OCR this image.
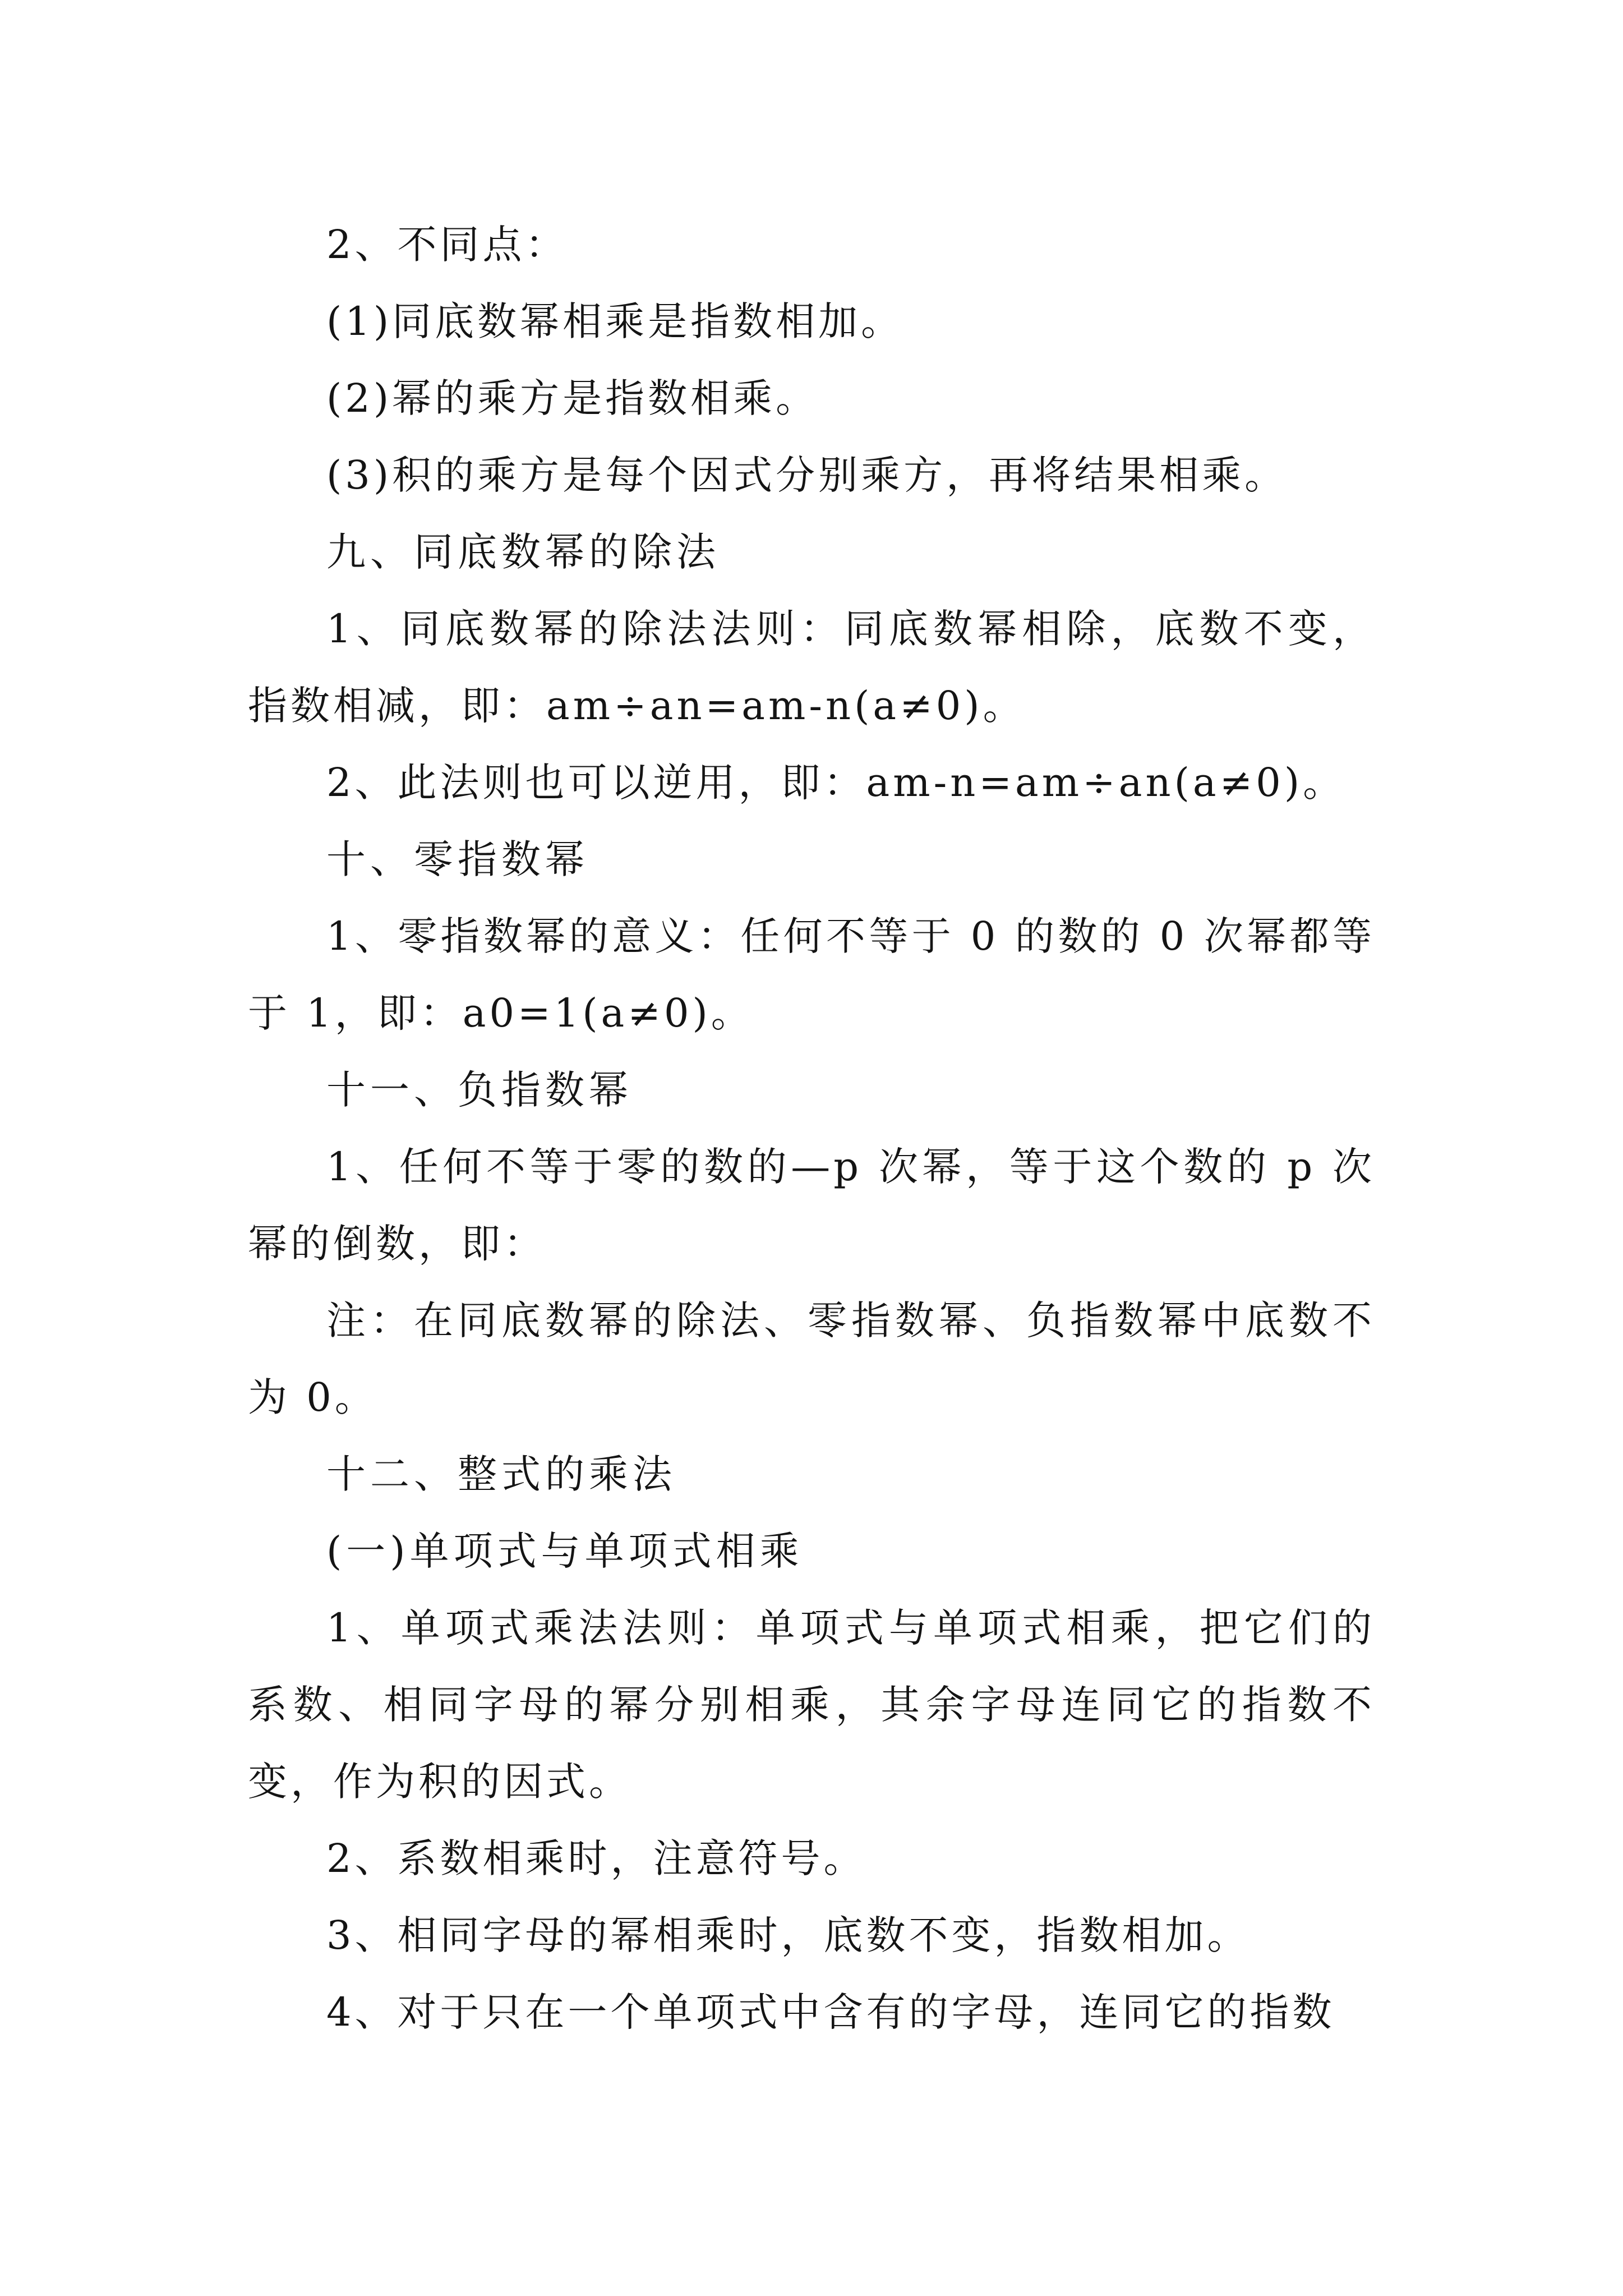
2、不同点：

(1)同底数幂相乘是指数相加。

(2)幂的乘方是指数相乘。

(3)积的乘方是每个因式分别乘方，再将结果相乘。

九、同底数幂的除法

1、同底数幂的除法法则：同底数幂相除，底数不变，指数相减，即：am÷an=am-n(a≠0)。

2、此法则也可以逆用，即：am-n=am÷an(a≠0)。

十、零指数幂

1、零指数幂的意义：任何不等于 0 的数的 0 次幂都等于 1，即：a0=1(a≠0)。

十一、负指数幂

1、任何不等于零的数的—p 次幂，等于这个数的 p 次幂的倒数，即：

注：在同底数幂的除法、零指数幂、负指数幂中底数不为 0。

十二、整式的乘法

(一)单项式与单项式相乘

1、单项式乘法法则：单项式与单项式相乘，把它们的系数、相同字母的幂分别相乘，其余字母连同它的指数不变，作为积的因式。

2、系数相乘时，注意符号。

3、相同字母的幂相乘时，底数不变，指数相加。

4、对于只在一个单项式中含有的字母，连同它的指数
